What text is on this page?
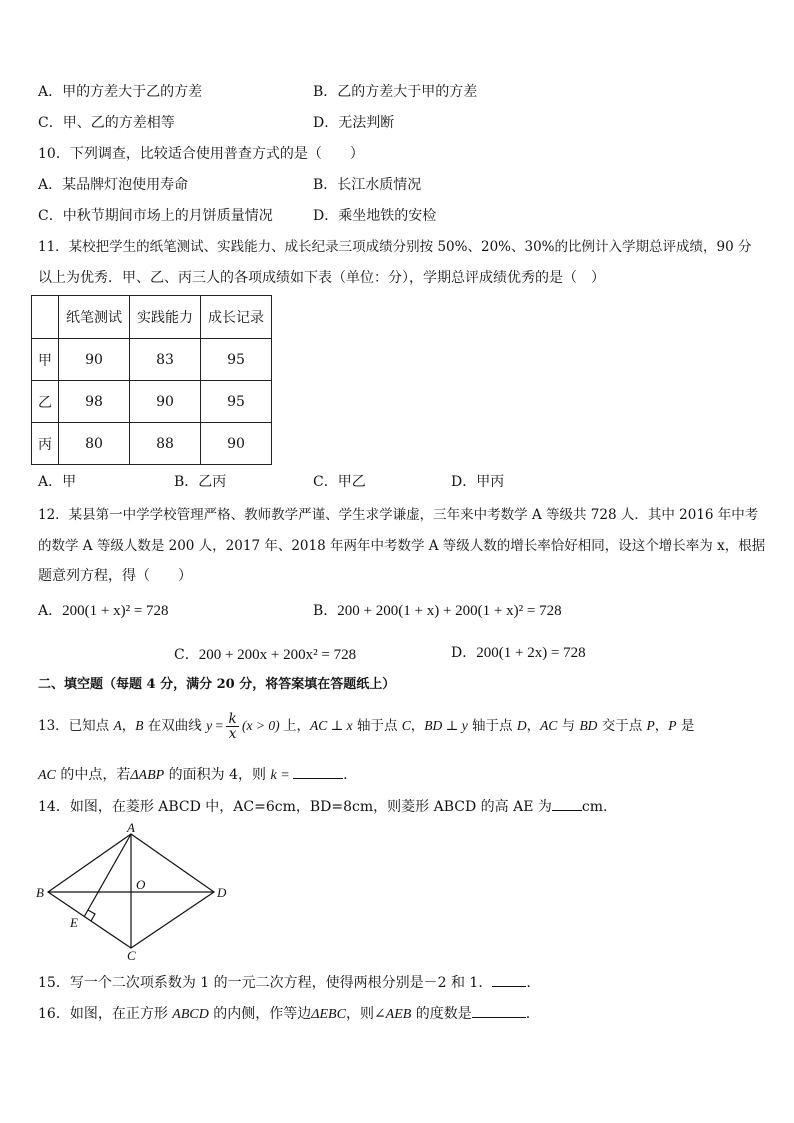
A．甲的方差大于乙的方差	B．乙的方差大于甲的方差
C．甲、乙的方差相等	D．无法判断
10．下列调查，比较适合使用普查方式的是（　　）
A．某品牌灯泡使用寿命	B．长江水质情况
C．中秋节期间市场上的月饼质量情况	D．乘坐地铁的安检
11．某校把学生的纸笔测试、实践能力、成长纪录三项成绩分别按 50%、20%、30%的比例计入学期总评成绩，90 分
以上为优秀．甲、乙、丙三人的各项成绩如下表（单位：分），学期总评成绩优秀的是（　）
	纸笔测试	实践能力	成长记录
甲	90	83	95
乙	98	90	95
丙	80	88	90
A．甲	B．乙丙	C．甲乙	D．甲丙
12．某县第一中学学校管理严格、教师教学严谨、学生求学谦虚，三年来中考数学 A 等级共 728 人．其中 2016 年中考
的数学 A 等级人数是 200 人，2017 年、2018 年两年中考数学 A 等级人数的增长率恰好相同，设这个增长率为 x，根据
题意列方程，得（　　）
A．200(1 + x)² = 728	B．200 + 200(1 + x) + 200(1 + x)² = 728
C．200 + 200x + 200x² = 728	D．200(1 + 2x) = 728
二、填空题（每题 4 分，满分 20 分，将答案填在答题纸上）
13．已知点 A，B 在双曲线 $y = \frac{k}{x} (x > 0)$ 上，AC ⊥ x 轴于点 C，BD ⊥ y 轴于点 D，AC 与 BD 交于点 P，P 是
AC 的中点，若ΔABP 的面积为 4，则 k =	.
14．如图，在菱形 ABCD 中，AC=6cm，BD=8cm，则菱形 ABCD 的高 AE 为 cm.
A
B
C
D
O
E
15．写一个二次项系数为 1 的一元二次方程，使得两根分别是－2 和 1． .
16．如图，在正方形 ABCD 的内侧，作等边ΔEBC，则∠AEB 的度数是	.
